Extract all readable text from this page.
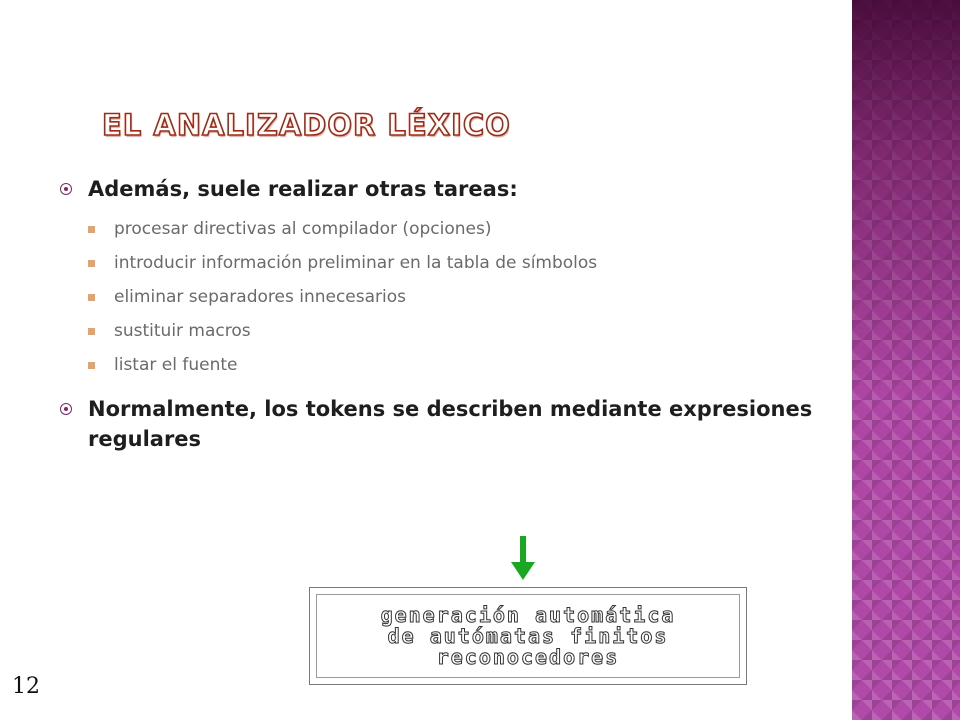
EL ANALIZADOR LÉXICO
Además, suele realizar otras tareas:
procesar directivas al compilador (opciones)
introducir información preliminar en la tabla de símbolos
eliminar separadores innecesarios
sustituir macros
listar el fuente
Normalmente, los tokens se describen mediante expresiones regulares
generación automática
de autómatas finitos
reconocedores
12
